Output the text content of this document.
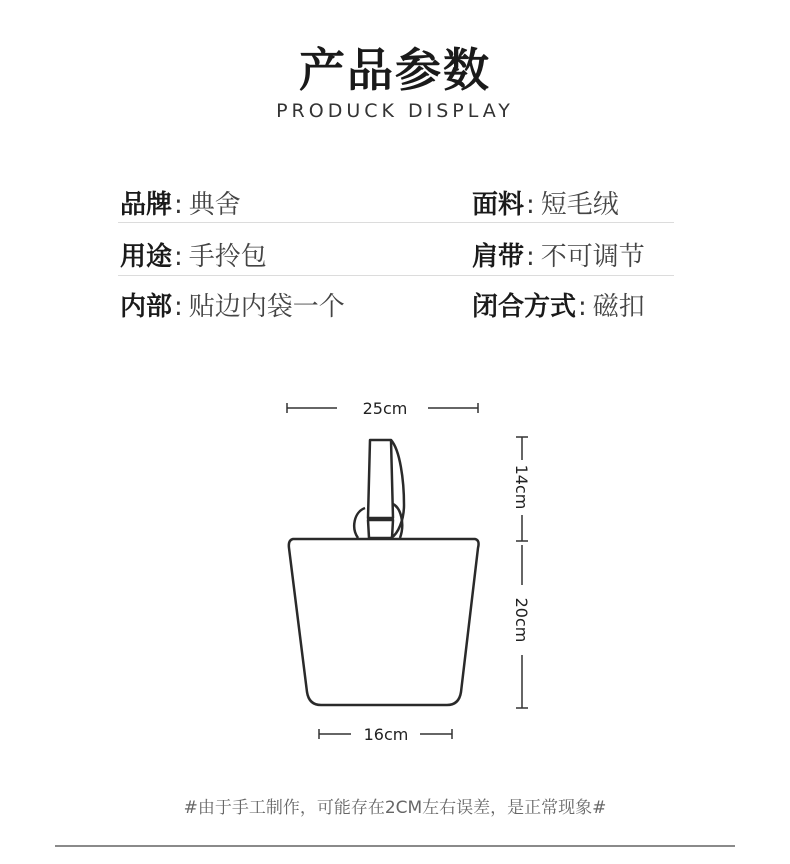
产品参数
PRODUCK DISPLAY
品牌: 典舍	面料: 短毛绒
用途: 手拎包	肩带: 不可调节
内部: 贴边内袋一个	闭合方式: 磁扣
25cm
14cm
20cm
16cm
#由于手工制作，可能存在2CM左右误差，是正常现象#
